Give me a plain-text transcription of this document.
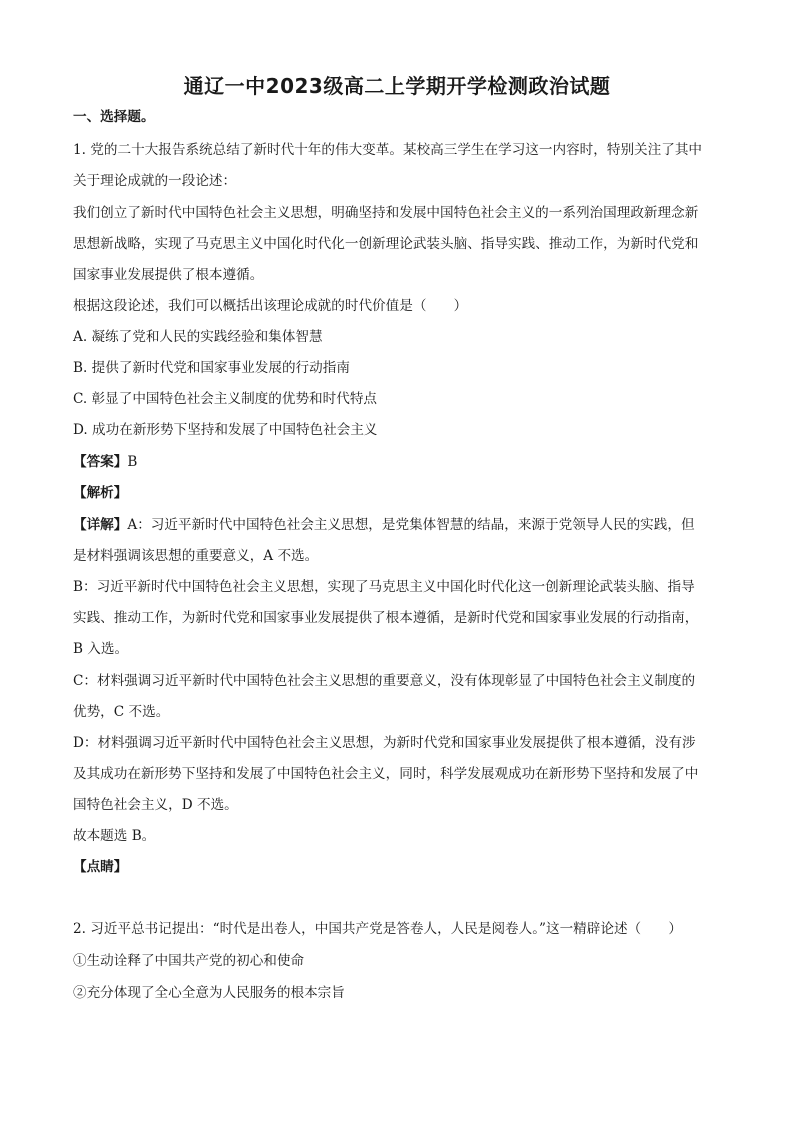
通辽一中2023级高二上学期开学检测政治试题
一、选择题。
1. 党的二十大报告系统总结了新时代十年的伟大变革。某校高三学生在学习这一内容时，特别关注了其中
关于理论成就的一段论述：
我们创立了新时代中国特色社会主义思想，明确坚持和发展中国特色社会主义的一系列治国理政新理念新
思想新战略，实现了马克思主义中国化时代化一创新理论武装头脑、指导实践、推动工作，为新时代党和
国家事业发展提供了根本遵循。
根据这段论述，我们可以概括出该理论成就的时代价值是（　　）
A. 凝练了党和人民的实践经验和集体智慧
B. 提供了新时代党和国家事业发展的行动指南
C. 彰显了中国特色社会主义制度的优势和时代特点
D. 成功在新形势下坚持和发展了中国特色社会主义
【答案】B
【解析】
【详解】A：习近平新时代中国特色社会主义思想，是党集体智慧的结晶，来源于党领导人民的实践，但
是材料强调该思想的重要意义，A 不选。
B：习近平新时代中国特色社会主义思想，实现了马克思主义中国化时代化这一创新理论武装头脑、指导
实践、推动工作，为新时代党和国家事业发展提供了根本遵循，是新时代党和国家事业发展的行动指南，
B 入选。
C：材料强调习近平新时代中国特色社会主义思想的重要意义，没有体现彰显了中国特色社会主义制度的
优势，C 不选。
D：材料强调习近平新时代中国特色社会主义思想，为新时代党和国家事业发展提供了根本遵循，没有涉
及其成功在新形势下坚持和发展了中国特色社会主义，同时，科学发展观成功在新形势下坚持和发展了中
国特色社会主义，D 不选。
故本题选 B。
【点睛】
2. 习近平总书记提出：“时代是出卷人，中国共产党是答卷人，人民是阅卷人。”这一精辟论述（　　）
①生动诠释了中国共产党的初心和使命
②充分体现了全心全意为人民服务的根本宗旨
